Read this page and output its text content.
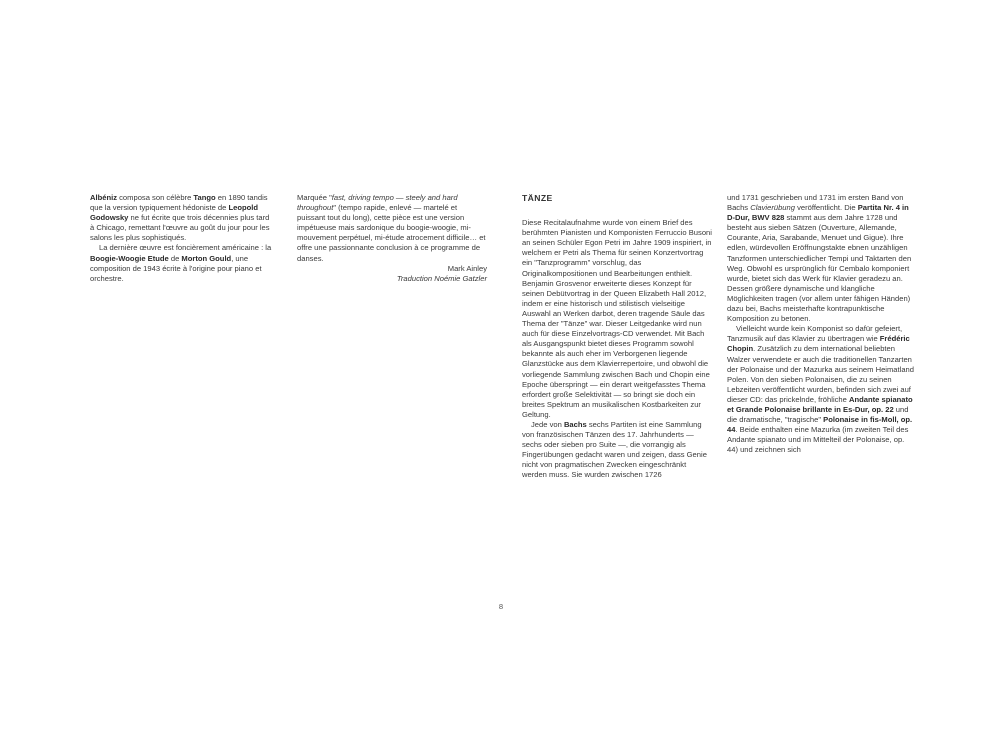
Albéniz composa son célèbre Tango en 1890 tandis que la version typiquement hédoniste de Leopold Godowsky ne fut écrite que trois décennies plus tard à Chicago, remettant l'œuvre au goût du jour pour les salons les plus sophistiqués.

La dernière œuvre est foncièrement américaine : la Boogie-Woogie Etude de Morton Gould, une composition de 1943 écrite à l'origine pour piano et orchestre.

Marquée "fast, driving tempo — steely and hard throughout" (tempo rapide, enlevé — martelé et puissant tout du long), cette pièce est une version impétueuse mais sardonique du boogie-woogie, mi-mouvement perpétuel, mi-étude atrocement difficile… et offre une passionnante conclusion à ce programme de danses.

Mark Ainley

Traduction Noémie Gatzler

TÄNZE

Diese Recitalaufnahme wurde von einem Brief des berühmten Pianisten und Komponisten Ferruccio Busoni an seinen Schüler Egon Petri im Jahre 1909 inspiriert, in welchem er Petri als Thema für seinen Konzertvortrag ein "Tanzprogramm" vorschlug, das Originalkompositionen und Bearbeitungen enthielt. Benjamin Grosvenor erweiterte dieses Konzept für seinen Debütvortrag in der Queen Elizabeth Hall 2012, indem er eine historisch und stilistisch vielseitige Auswahl an Werken darbot, deren tragende Säule das Thema der "Tänze" war. Dieser Leitgedanke wird nun auch für diese Einzelvortrags-CD verwendet. Mit Bach als Ausgangspunkt bietet dieses Programm sowohl bekannte als auch eher im Verborgenen liegende Glanzstücke aus dem Klavierrepertoire, und obwohl die vorliegende Sammlung zwischen Bach und Chopin eine Epoche überspringt — ein derart weitgefasstes Thema erfordert große Selektivität — so bringt sie doch ein breites Spektrum an musikalischen Kostbarkeiten zur Geltung.

Jede von Bachs sechs Partiten ist eine Sammlung von französischen Tänzen des 17. Jahrhunderts — sechs oder sieben pro Suite —, die vorrangig als Fingerübungen gedacht waren und zeigen, dass Genie nicht von pragmatischen Zwecken eingeschränkt werden muss. Sie wurden zwischen 1726

und 1731 geschrieben und 1731 im ersten Band von Bachs Clavierübung veröffentlicht. Die Partita Nr. 4 in D-Dur, BWV 828 stammt aus dem Jahre 1728 und besteht aus sieben Sätzen (Ouverture, Allemande, Courante, Aria, Sarabande, Menuet und Gigue). Ihre edlen, würdevollen Eröffnungstakte ebnen unzähligen Tanzformen unterschiedlicher Tempi und Taktarten den Weg. Obwohl es ursprünglich für Cembalo komponiert wurde, bietet sich das Werk für Klavier geradezu an. Dessen größere dynamische und klangliche Möglichkeiten tragen (vor allem unter fähigen Händen) dazu bei, Bachs meisterhafte kontrapunktische Komposition zu betonen.

Vielleicht wurde kein Komponist so dafür gefeiert, Tanzmusik auf das Klavier zu übertragen wie Frédéric Chopin. Zusätzlich zu dem international beliebten Walzer verwendete er auch die traditionellen Tanzarten der Polonaise und der Mazurka aus seinem Heimatland Polen. Von den sieben Polonaisen, die zu seinen Lebzeiten veröffentlicht wurden, befinden sich zwei auf dieser CD: das prickelnde, fröhliche Andante spianato et Grande Polonaise brillante in Es-Dur, op. 22 und die dramatische, "tragische" Polonaise in fis-Moll, op. 44. Beide enthalten eine Mazurka (im zweiten Teil des Andante spianato und im Mittelteil der Polonaise, op. 44) und zeichnen sich

8
